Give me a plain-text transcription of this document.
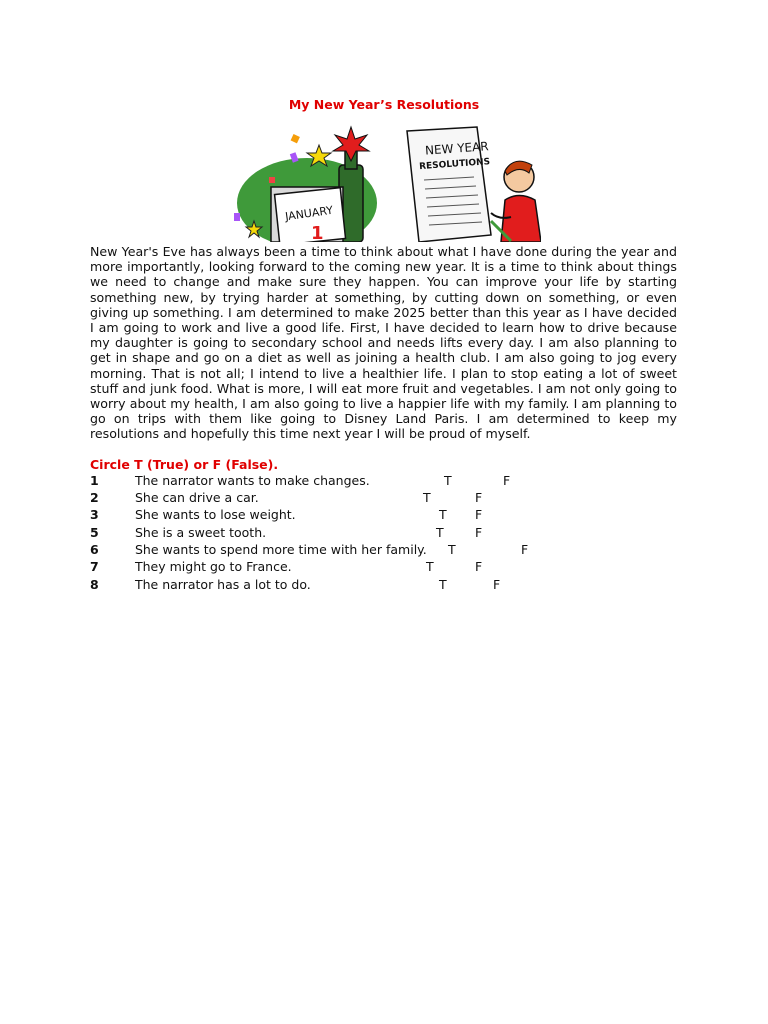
My New Year’s Resolutions
JANUARY
1
NEW YEAR
RESOLUTIONS

New Year's Eve has always been a time to think about what I have done during the year and more importantly, looking forward to the coming new year. It is a time to think about things we need to change and make sure they happen. You can improve your life by starting something new, by trying harder at something, by cutting down on something, or even giving up something. I am determined to make 2025 better than this year as I have decided I am going to work and live a good life. First, I have decided to learn how to drive because my daughter is going to secondary school and needs lifts every day. I am also planning to get in shape and go on a diet as well as joining a health club. I am also going to jog every morning. That is not all; I intend to live a healthier life. I plan to stop eating a lot of sweet stuff and junk food. What is more, I will eat more fruit and vegetables. I am not only going to worry about my health, I am also going to live a happier life with my family. I am planning to go on trips with them like going to Disney Land Paris. I am determined to keep my resolutions and hopefully this time next year I will be proud of myself.

Circle T (True) or F (False).
1	The narrator wants to make changes.	T	F
2	She can drive a car.	T	F
3	She wants to lose weight.	T F
5	She is a sweet tooth.	T	F
6	She wants to spend more time with her family. T	F
7	They might go to France.	T	F
8	The narrator has a lot to do.	T	F
